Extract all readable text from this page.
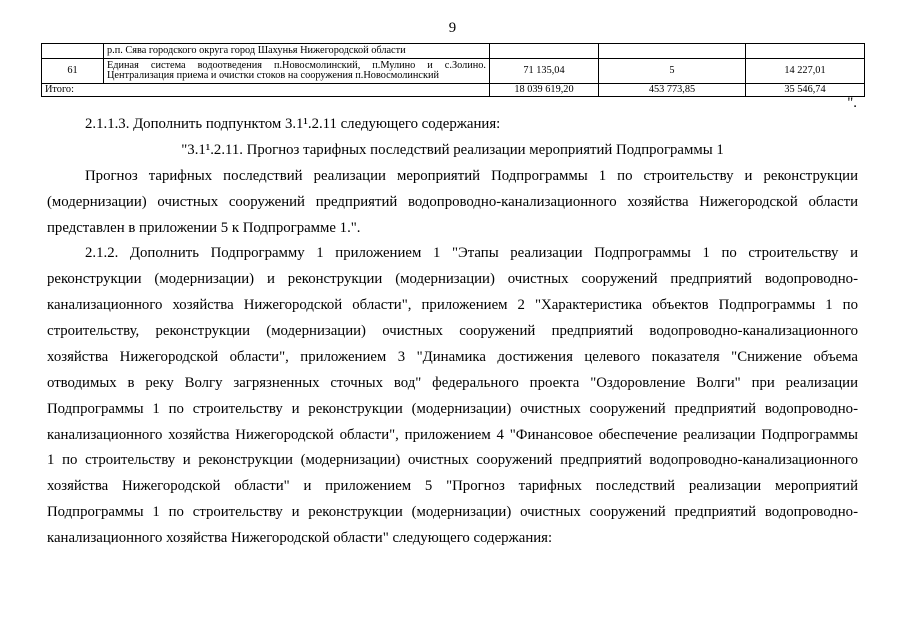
9
	р.п. Сява городского округа город Шахунья Нижегородской области			
61	Единая система водоотведения п.Новосмолинский, п.Мулино и с.Золино.
Централизация приема и очистки стоков на сооружения п.Новосмолинский	71 135,04	5	14 227,01
Итого:		18 039 619,20	453 773,85	35 546,74
".
2.1.1.3. Дополнить подпунктом 3.1¹.2.11 следующего содержания:
"3.1¹.2.11. Прогноз тарифных последствий реализации мероприятий Подпрограммы 1
Прогноз тарифных последствий реализации мероприятий Подпрограммы 1 по строительству и реконструкции
(модернизации) очистных сооружений предприятий водопроводно-канализационного хозяйства Нижегородской области
представлен в приложении 5 к Подпрограмме 1.".
2.1.2. Дополнить Подпрограмму 1 приложением 1 "Этапы реализации Подпрограммы 1 по строительству и
реконструкции (модернизации) и реконструкции (модернизации) очистных сооружений предприятий водопроводно-
канализационного хозяйства Нижегородской области", приложением 2 "Характеристика объектов Подпрограммы 1 по
строительству, реконструкции (модернизации) очистных сооружений предприятий водопроводно-канализационного
хозяйства Нижегородской области", приложением 3 "Динамика достижения целевого показателя "Снижение объема
отводимых в реку Волгу загрязненных сточных вод" федерального проекта "Оздоровление Волги" при реализации
Подпрограммы 1 по строительству и реконструкции (модернизации) очистных сооружений предприятий водопроводно-
канализационного хозяйства Нижегородской области", приложением 4 "Финансовое обеспечение реализации Подпрограммы
1 по строительству и реконструкции (модернизации) очистных сооружений предприятий водопроводно-канализационного
хозяйства Нижегородской области" и приложением 5 "Прогноз тарифных последствий реализации мероприятий
Подпрограммы 1 по строительству и реконструкции (модернизации) очистных сооружений предприятий водопроводно-
канализационного хозяйства Нижегородской области" следующего содержания:
